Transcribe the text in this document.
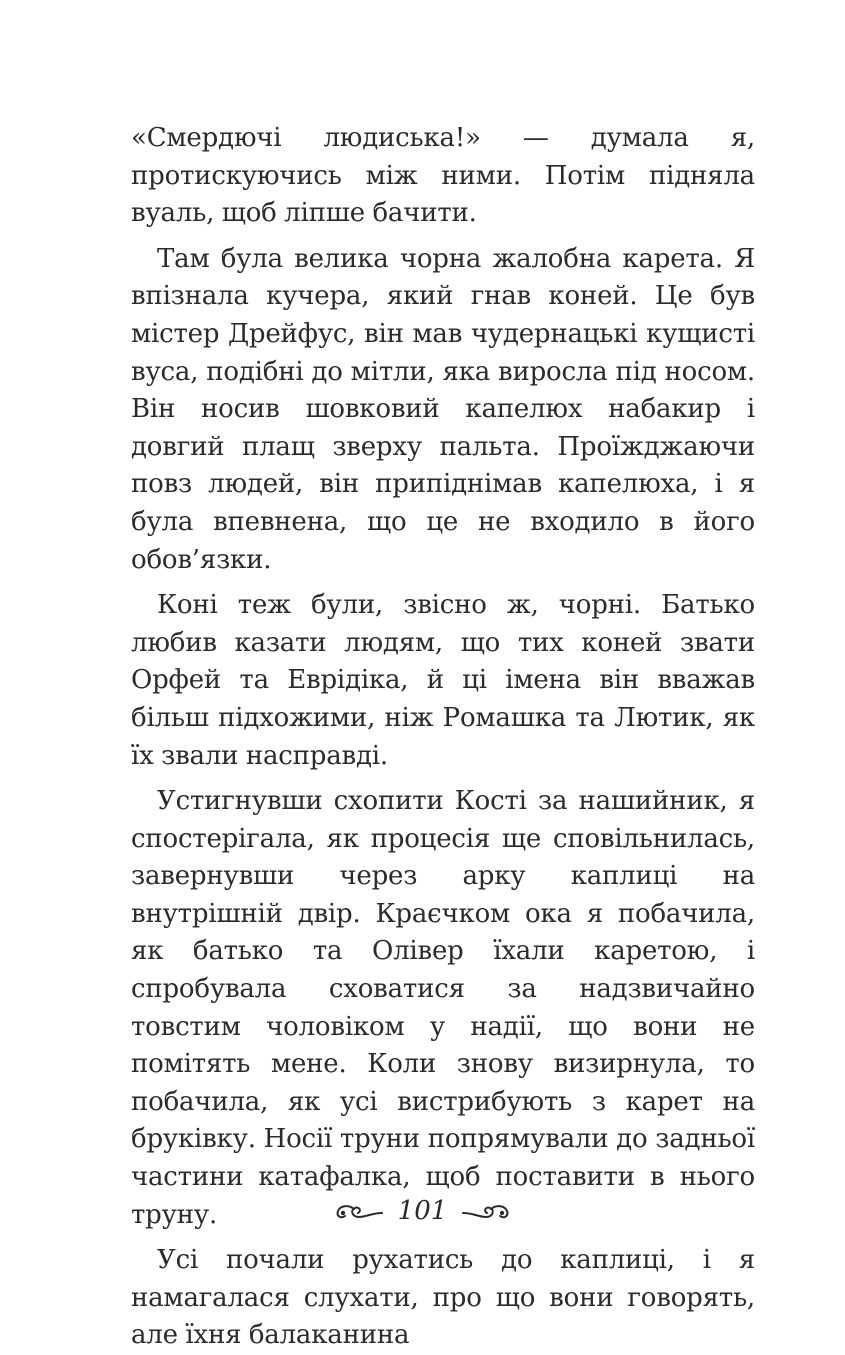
«Смердючі людиська!» — думала я, протискуючись між ними. Потім підняла вуаль, щоб ліпше бачити.

Там була велика чорна жалобна карета. Я впізнала кучера, який гнав коней. Це був містер Дрейфус, він мав чудернацькі кущисті вуса, подібні до мітли, яка виросла під носом. Він носив шовковий капелюх набакир і довгий плащ зверху пальта. Проїжджаючи повз людей, він припіднімав капелюха, і я була впевнена, що це не входило в його обов’язки.

Коні теж були, звісно ж, чорні. Батько любив казати людям, що тих коней звати Орфей та Еврідіка, й ці імена він вважав більш підхожими, ніж Ромашка та Лютик, як їх звали насправді.

Устигнувши схопити Кості за нашийник, я спостерігала, як процесія ще сповільнилась, завернувши через арку каплиці на внутрішній двір. Краєчком ока я побачила, як батько та Олівер їхали каретою, і спробувала сховатися за надзвичайно товстим чоловіком у надії, що вони не помітять мене. Коли знову визирнула, то побачила, як усі вистрибують з карет на бруківку. Носії труни попрямували до задньої частини катафалка, щоб поставити в нього труну.

Усі почали рухатись до каплиці, і я намагалася слухати, про що вони говорять, але їхня балаканина

101
